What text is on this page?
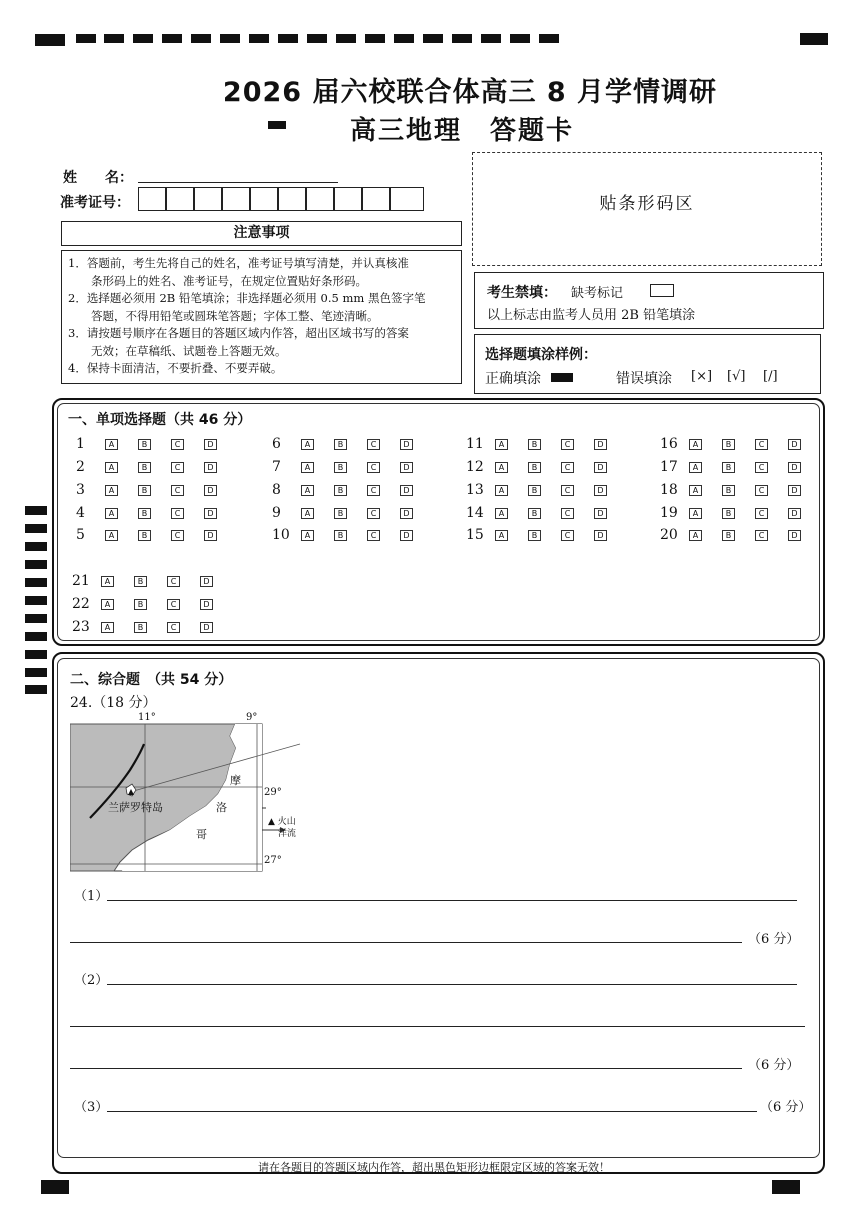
2026 届六校联合体高三 8 月学情调研
高三地理　答题卡
姓　　名：
准考证号：	贴条形码区
注意事项
1．答题前，考生先将自己的姓名，准考证号填写清楚，并认真核准
　　条形码上的姓名、准考证号，在规定位置贴好条形码。
2．选择题必须用 2B 铅笔填涂；非选择题必须用 0.5 mm 黑色签字笔
　　答题，不得用铅笔或圆珠笔答题；字体工整、笔迹清晰。
3．请按题号顺序在各题目的答题区域内作答，超出区域书写的答案
　　无效；在草稿纸、试题卷上答题无效。
4．保持卡面清洁，不要折叠、不要弄破。
考生禁填： 缺考标记
以上标志由监考人员用 2B 铅笔填涂
选择题填涂样例：
正确填涂	错误填涂 [×] [√] [/]
一、单项选择题（共 46 分）
1	A	B	C	D
2	A	B	C	D
3	A	B	C	D
4	A	B	C	D
5	A	B	C	D
6	A	B	C	D
7	A	B	C	D
8	A	B	C	D
9	A	B	C	D
10	A	B	C	D
11	A	B	C	D
12	A	B	C	D
13	A	B	C	D
14	A	B	C	D
15	A	B	C	D
16	A	B	C	D
17	A	B	C	D
18	A	B	C	D
19	A	B	C	D
20	A	B	C	D
21	A	B	C	D
22	A	B	C	D
23	A	B	C	D
二、综合题　（共 54 分）
24.（18 分）
11°	9°
29°
27°
兰萨罗特岛
摩
洛
哥
▲ 火山
洋流
（1）
（6 分）
（2）
（6 分）
（3）	（6 分）
请在各题目的答题区域内作答，超出黑色矩形边框限定区域的答案无效！
